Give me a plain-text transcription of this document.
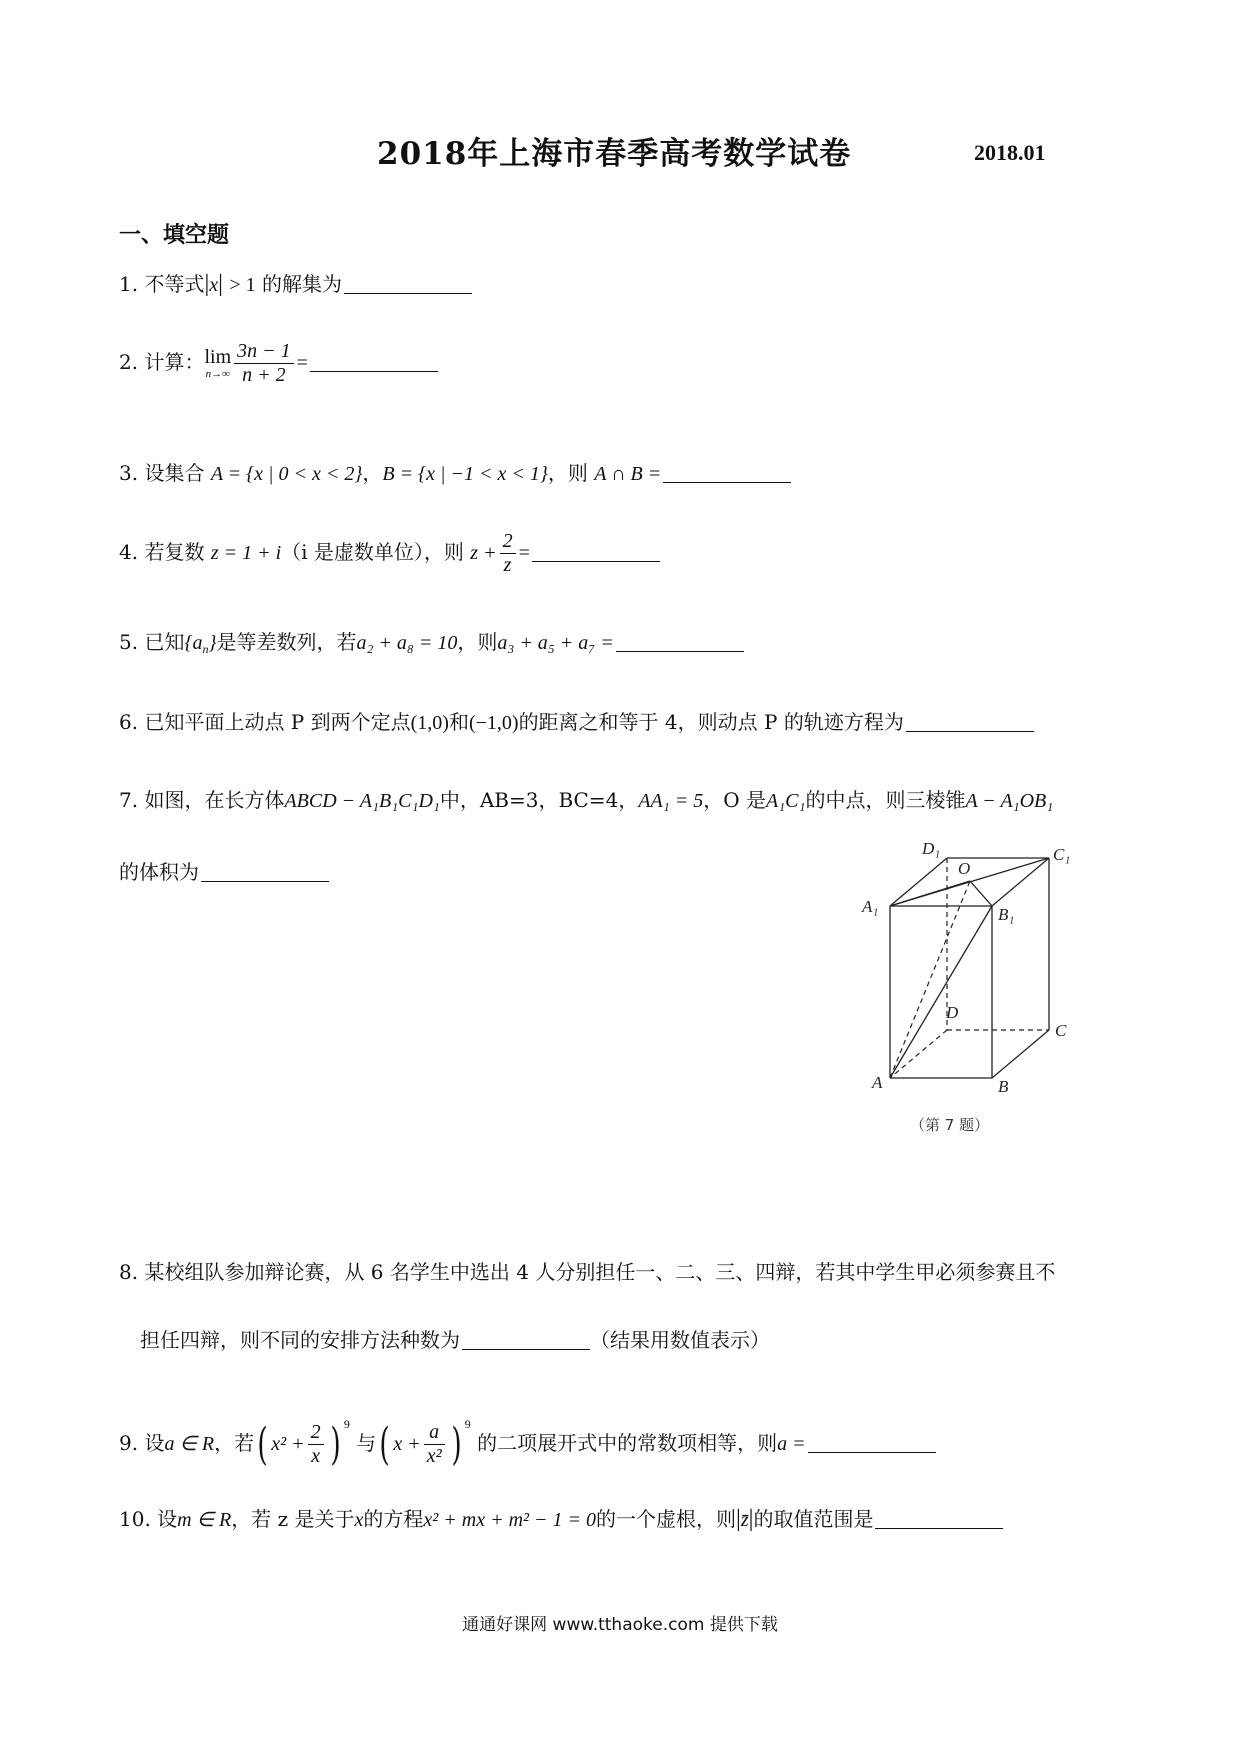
2018年上海市春季高考数学试卷	2018.01
一、填空题
1. 不等式|x| > 1 的解集为
2. 计算： lim
$n\to\infty \frac{3n - 1}{n + 2}$ =
3. 设集合 A = {x | 0 < x < 2}，B = {x | −1 < x < 1}，则 A ∩ B =
4. 若复数 z = 1 + i（i 是虚数单位），则 $z + \frac{2}{z}$ =
5. 已知$\{a_n\}$是等差数列，若a₂ + a₈ = 10，则a₃ + a₅ + a₇ =
6. 已知平面上动点 P 到两个定点(1,0)和(−1,0)的距离之和等于 4，则动点 P 的轨迹方程为
7. 如图，在长方体ABCD − A₁B₁C₁D₁中，AB=3，BC=4，AA₁ = 5，O 是A₁C₁的中点，则三棱锥A − A₁OB₁
的体积为
D₁
O
C₁
A₁	B₁
D
C
A	B
（第 7 题）
8. 某校组队参加辩论赛，从 6 名学生中选出 4 人分别担任一、二、三、四辩，若其中学生甲必须参赛且不
担任四辩，则不同的安排方法种数为	（结果用数值表示）
9. 设a ∈ R，若( $x^2 + \frac{2}{x}$ ) $^9$ 与( $x + \frac{a}{\text{x²}}$ ) $^9$ 的二项展开式中的常数项相等，则a =
10. 设m ∈ R，若 z 是关于x的方程x² + mx + m² − 1 = 0的一个虚根，则|z̄|的取值范围是
通通好课网 www.tthaoke.com 提供下载
